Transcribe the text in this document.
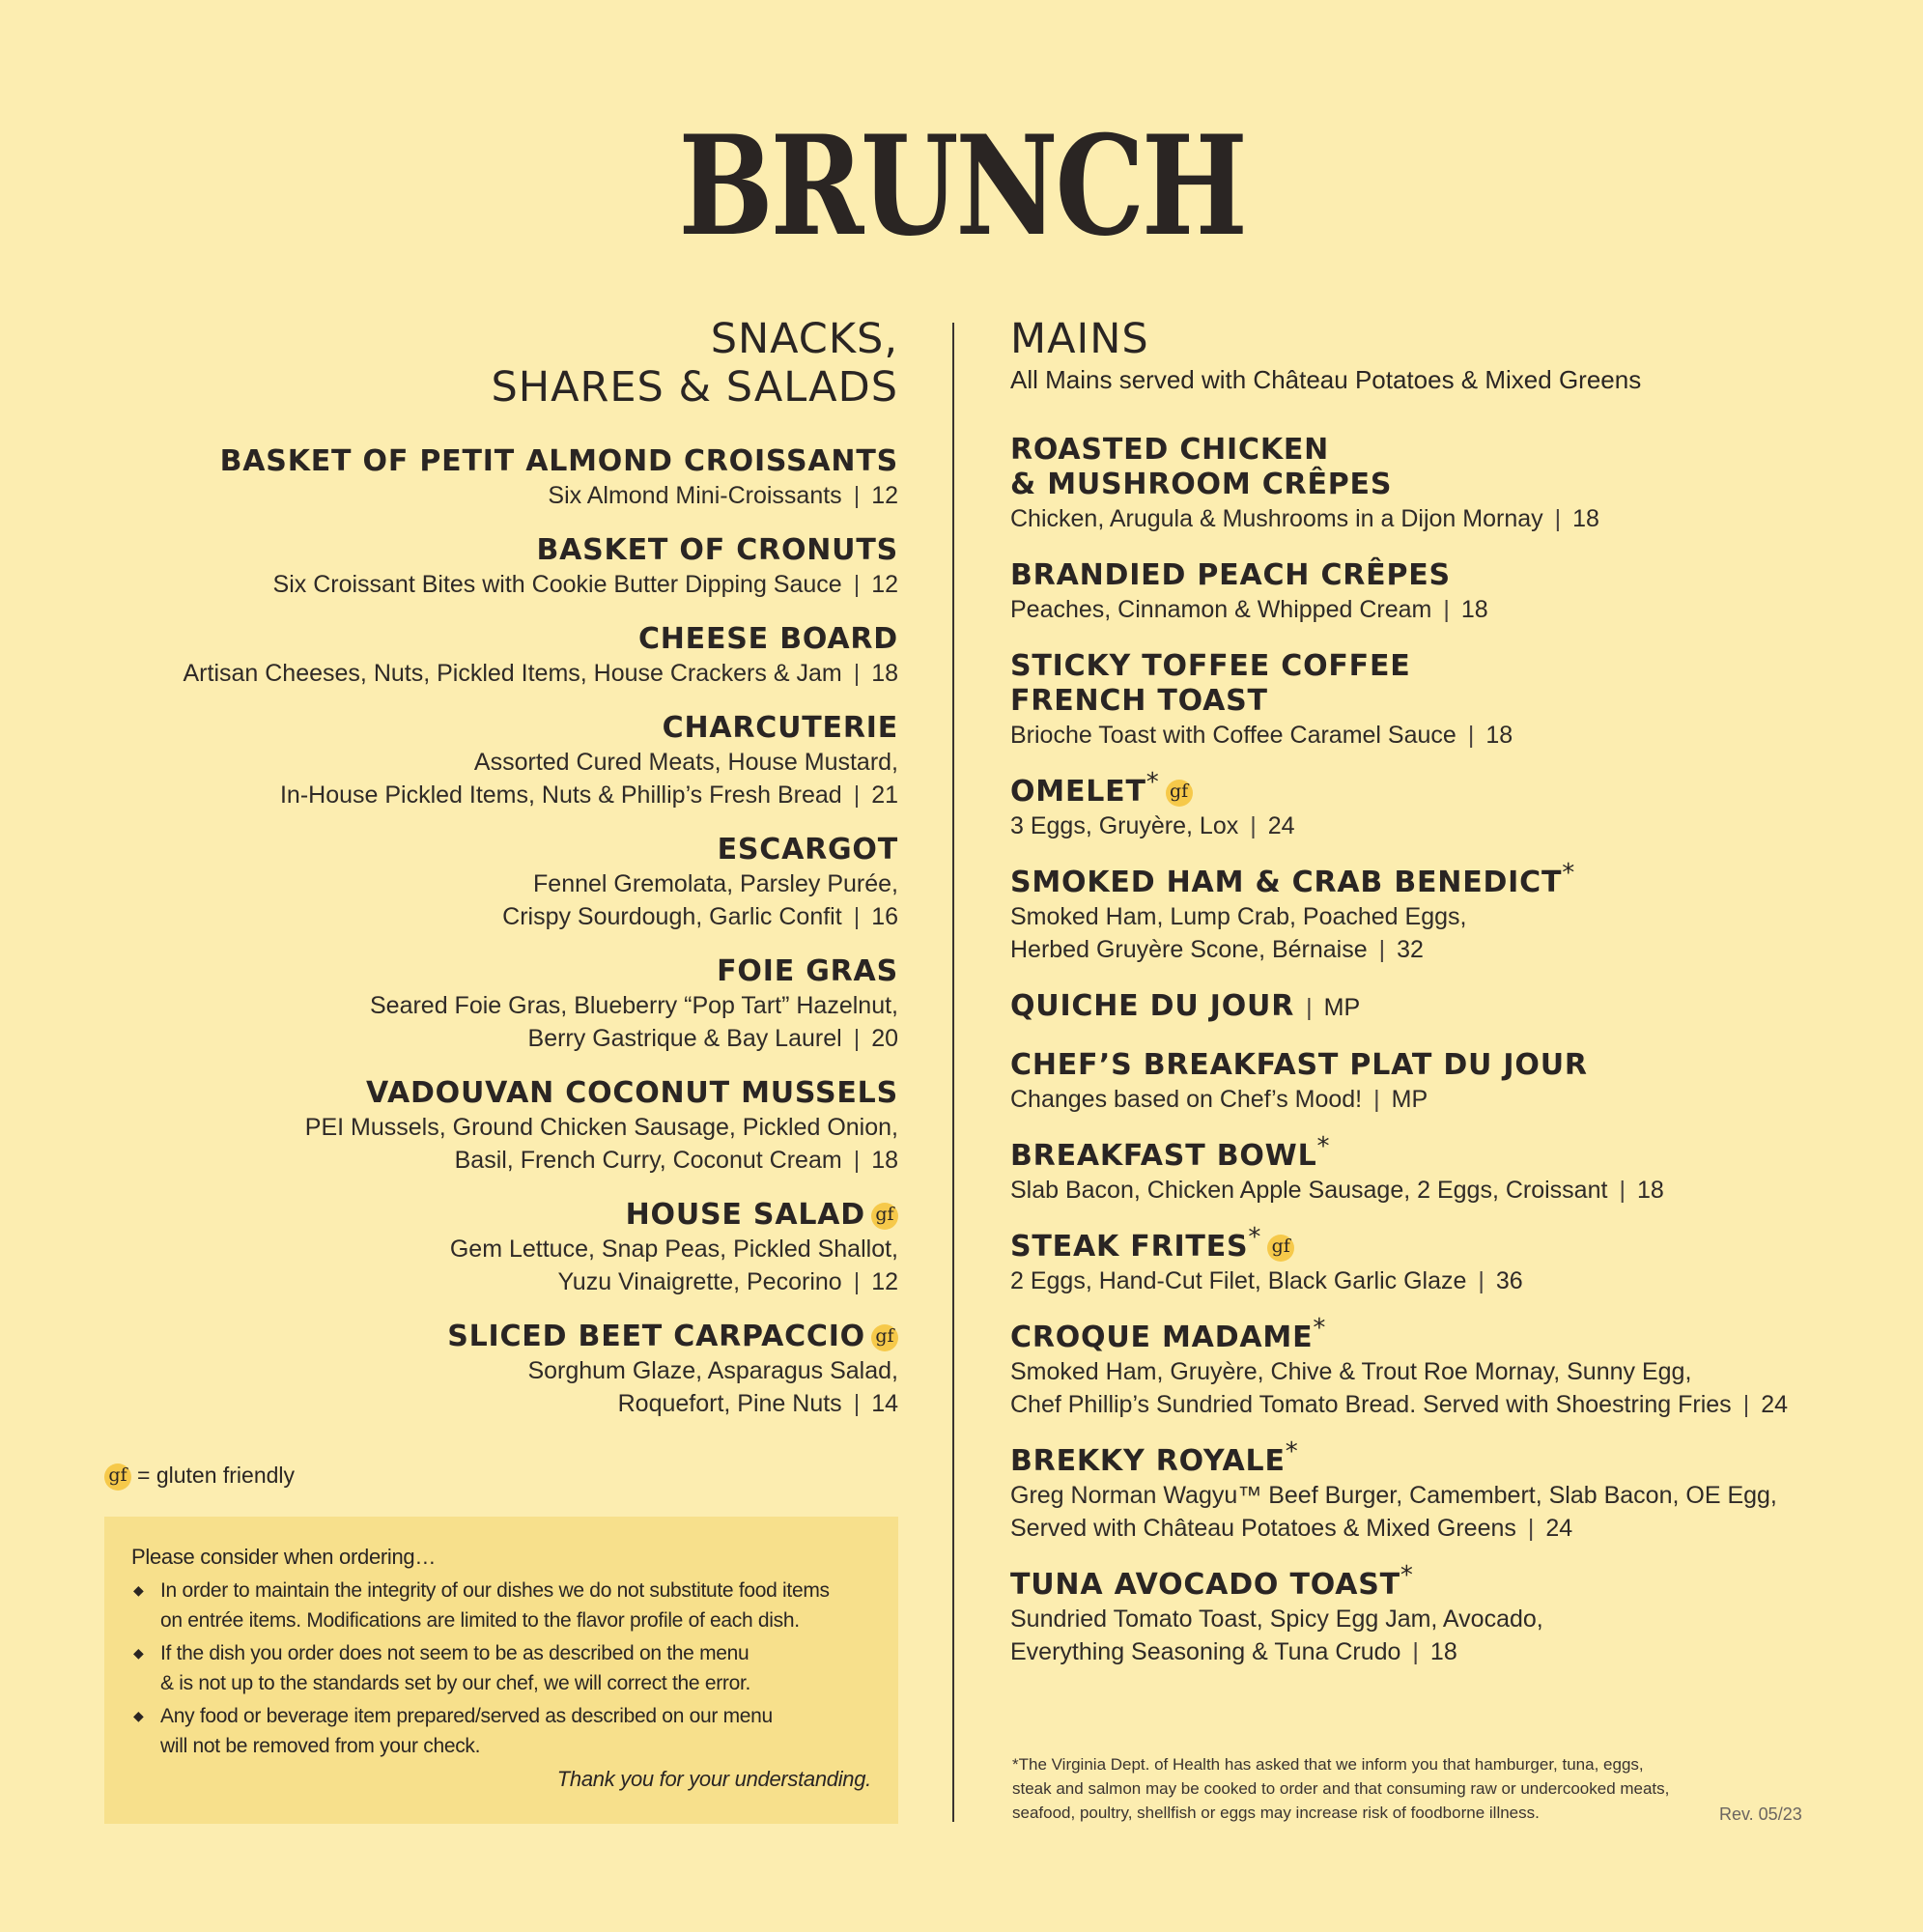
BRUNCH
SNACKS,
SHARES & SALADS
BASKET OF PETIT ALMOND CROISSANTS
Six Almond Mini-Croissants | 12
BASKET OF CRONUTS
Six Croissant Bites with Cookie Butter Dipping Sauce | 12
CHEESE BOARD
Artisan Cheeses, Nuts, Pickled Items, House Crackers & Jam | 18
CHARCUTERIE
Assorted Cured Meats, House Mustard,
In-House Pickled Items, Nuts & Phillip’s Fresh Bread | 21
ESCARGOT
Fennel Gremolata, Parsley Purée,
Crispy Sourdough, Garlic Confit | 16
FOIE GRAS
Seared Foie Gras, Blueberry “Pop Tart” Hazelnut,
Berry Gastrique & Bay Laurel | 20
VADOUVAN COCONUT MUSSELS
PEI Mussels, Ground Chicken Sausage, Pickled Onion,
Basil, French Curry, Coconut Cream | 18
HOUSE SALAD gf
Gem Lettuce, Snap Peas, Pickled Shallot,
Yuzu Vinaigrette, Pecorino | 12
SLICED BEET CARPACCIO gf
Sorghum Glaze, Asparagus Salad,
Roquefort, Pine Nuts | 14
gf = gluten friendly
Please consider when ordering…
◆ In order to maintain the integrity of our dishes we do not substitute food items
on entrée items. Modifications are limited to the flavor profile of each dish.
◆ If the dish you order does not seem to be as described on the menu
& is not up to the standards set by our chef, we will correct the error.
◆ Any food or beverage item prepared/served as described on our menu
will not be removed from your check.
Thank you for your understanding.
MAINS
All Mains served with Château Potatoes & Mixed Greens
ROASTED CHICKEN
& MUSHROOM CRÊPES
Chicken, Arugula & Mushrooms in a Dijon Mornay | 18
BRANDIED PEACH CRÊPES
Peaches, Cinnamon & Whipped Cream | 18
STICKY TOFFEE COFFEE
FRENCH TOAST
Brioche Toast with Coffee Caramel Sauce | 18
OMELET* gf
3 Eggs, Gruyère, Lox | 24
SMOKED HAM & CRAB BENEDICT*
Smoked Ham, Lump Crab, Poached Eggs,
Herbed Gruyère Scone, Bérnaise | 32
QUICHE DU JOUR | MP
CHEF’S BREAKFAST PLAT DU JOUR
Changes based on Chef’s Mood! | MP
BREAKFAST BOWL*
Slab Bacon, Chicken Apple Sausage, 2 Eggs, Croissant | 18
STEAK FRITES* gf
2 Eggs, Hand-Cut Filet, Black Garlic Glaze | 36
CROQUE MADAME*
Smoked Ham, Gruyère, Chive & Trout Roe Mornay, Sunny Egg,
Chef Phillip’s Sundried Tomato Bread. Served with Shoestring Fries | 24
BREKKY ROYALE*
Greg Norman Wagyu™ Beef Burger, Camembert, Slab Bacon, OE Egg,
Served with Château Potatoes & Mixed Greens | 24
TUNA AVOCADO TOAST*
Sundried Tomato Toast, Spicy Egg Jam, Avocado,
Everything Seasoning & Tuna Crudo | 18
*The Virginia Dept. of Health has asked that we inform you that hamburger, tuna, eggs,
steak and salmon may be cooked to order and that consuming raw or undercooked meats,
seafood, poultry, shellfish or eggs may increase risk of foodborne illness.	Rev. 05/23
